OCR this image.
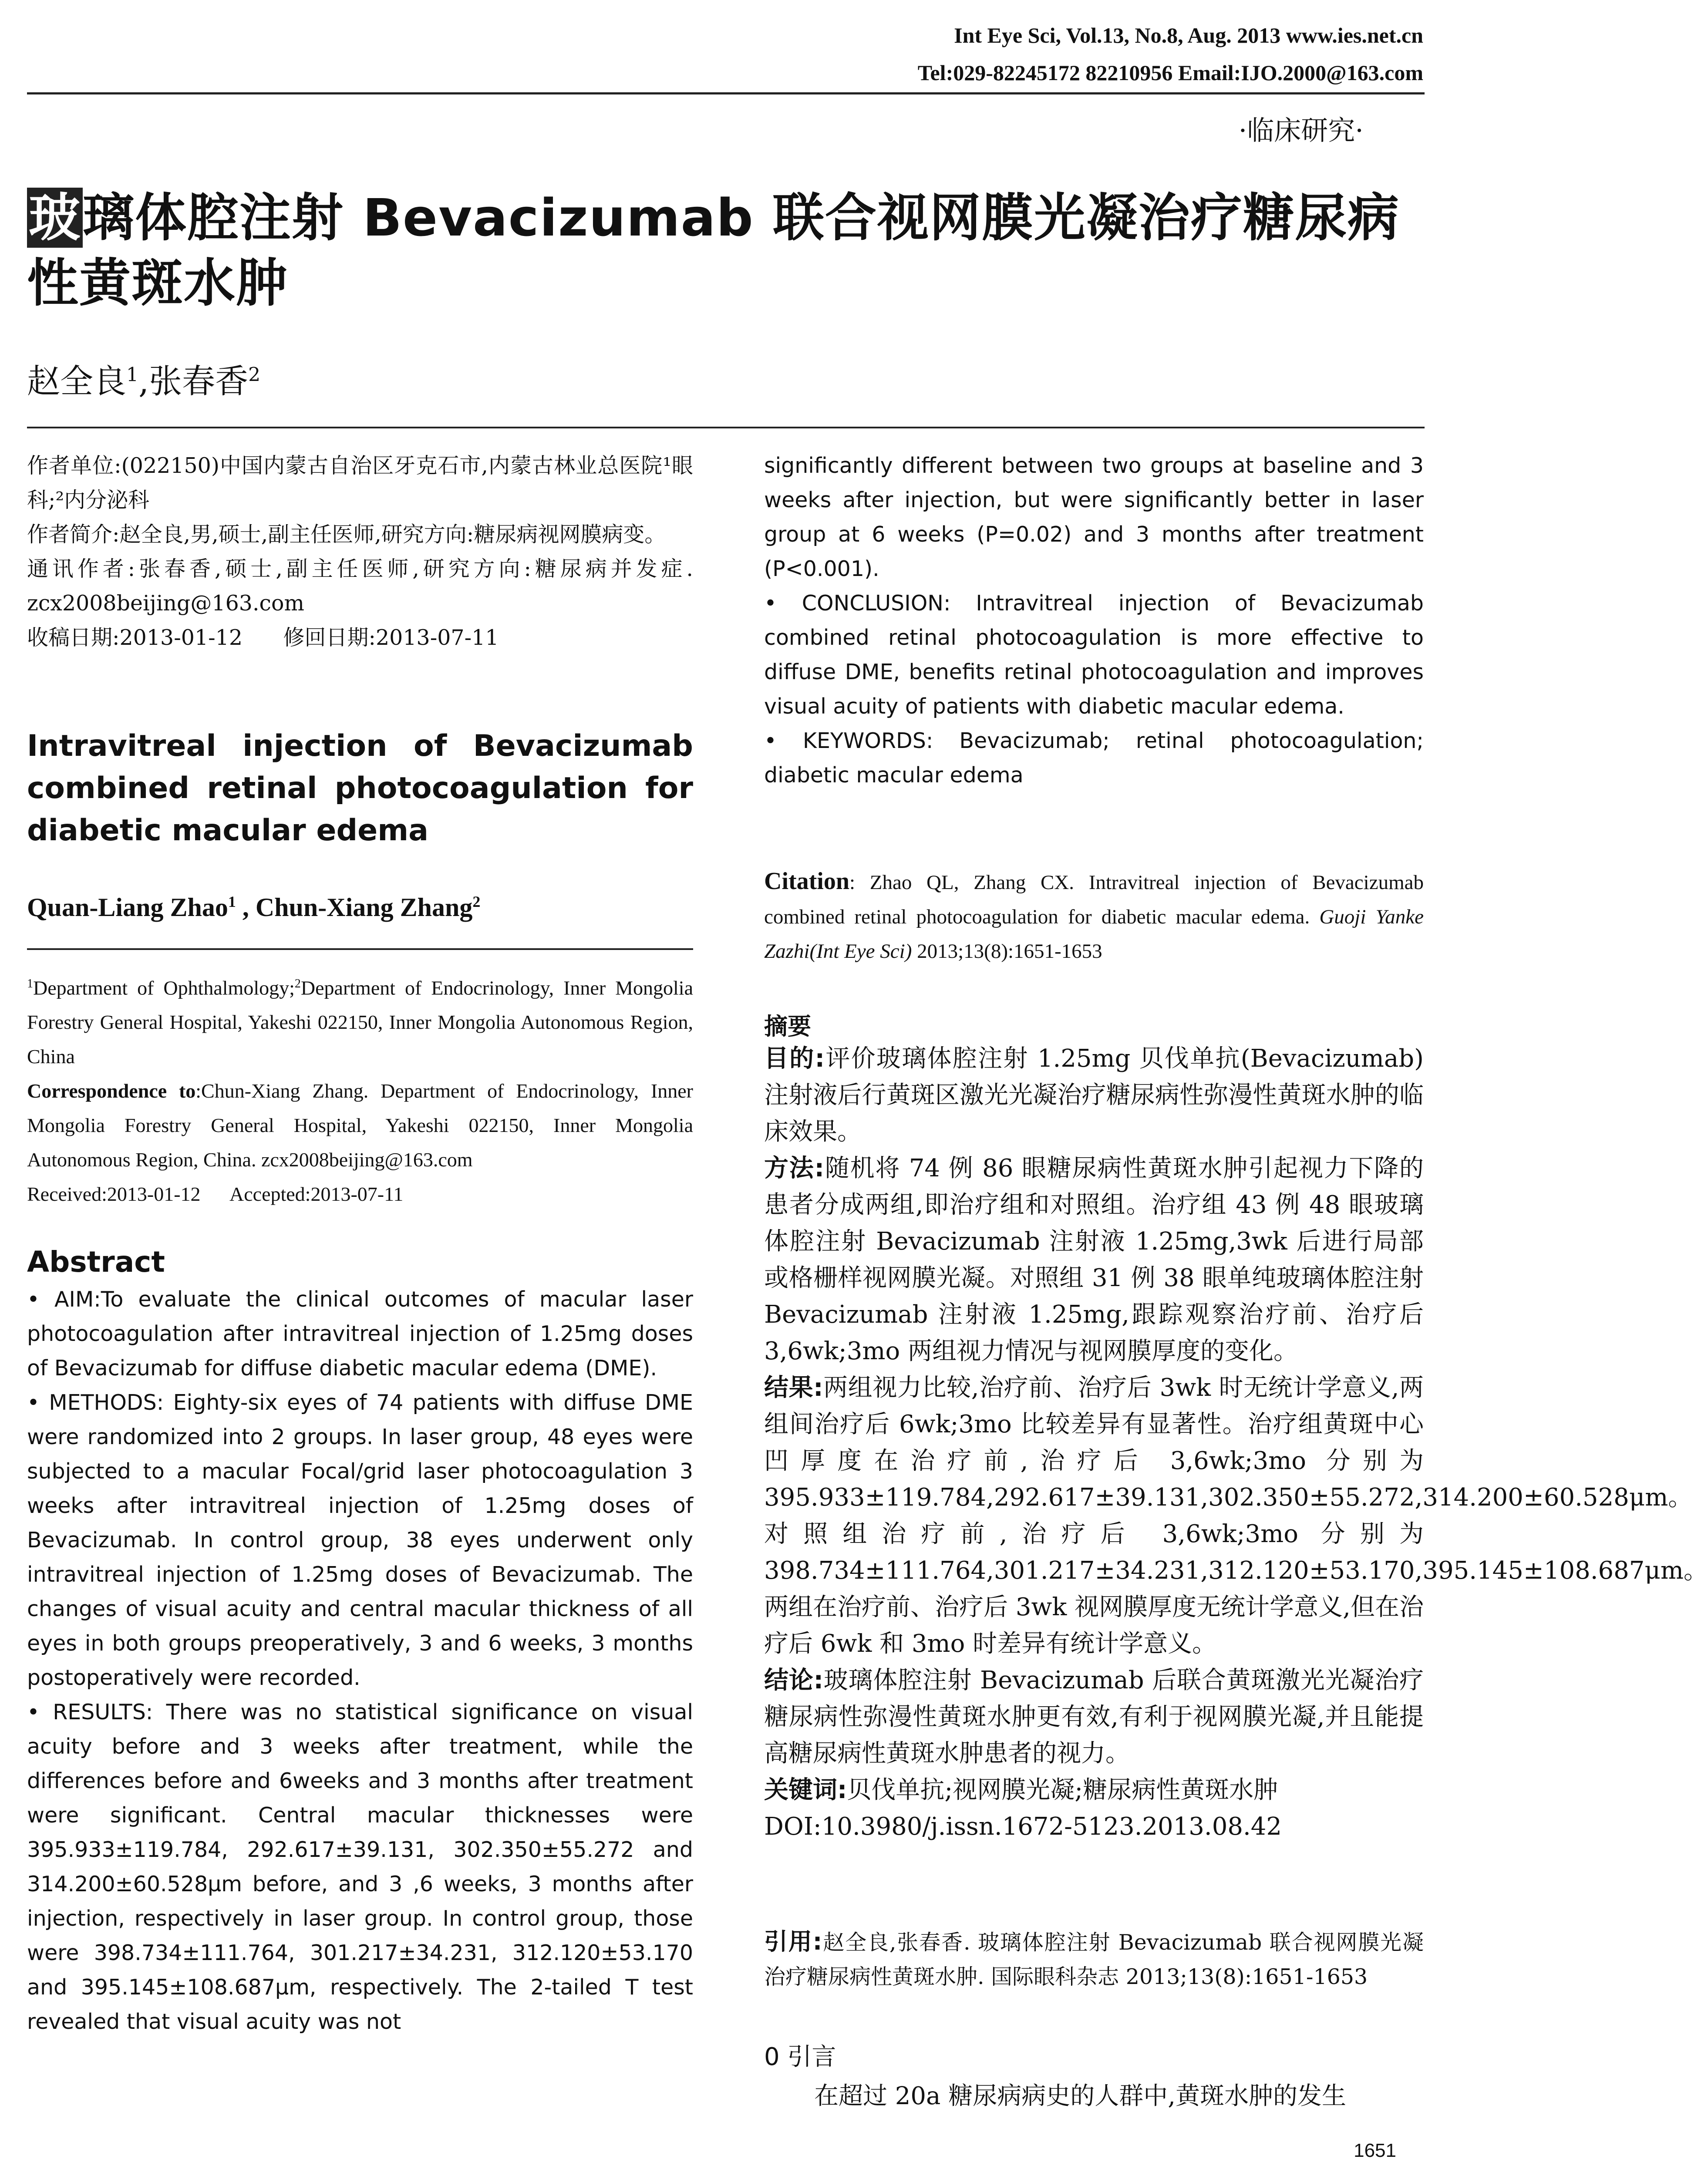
Int Eye Sci, Vol.13, No.8, Aug. 2013 www.ies.net.cn
Tel:029-82245172 82210956 Email:IJO.2000@163.com
·临床研究·
玻璃体腔注射 Bevacizumab 联合视网膜光凝治疗糖尿病
性黄斑水肿
赵全良$^1$,张春香$^2$

作者单位:(022150)中国内蒙古自治区牙克石市,内蒙古林业总医院¹眼科;²内分泌科

作者简介:赵全良,男,硕士,副主任医师,研究方向:糖尿病视网膜病变。

通讯作者:张春香,硕士,副主任医师,研究方向:糖尿病并发症. zcx2008beijing@163.com

收稿日期:2013-01-12      修回日期:2013-07-11

Intravitreal injection of Bevacizumab
combined retinal photocoagulation for
diabetic macular edema
Quan-Liang Zhao$^1$ , Chun-Xiang Zhang$^2$

$^1$Department of Ophthalmology;$^2$Department of Endocrinology, Inner Mongolia Forestry General Hospital, Yakeshi 022150, Inner Mongolia Autonomous Region, China

Correspondence to:Chun-Xiang Zhang. Department of Endocrinology, Inner Mongolia Forestry General Hospital, Yakeshi 022150, Inner Mongolia Autonomous Region, China. zcx2008beijing@163.com

Received:2013-01-12      Accepted:2013-07-11

Abstract

• AIM:To evaluate the clinical outcomes of macular laser photocoagulation after intravitreal injection of 1.25mg doses of Bevacizumab for diffuse diabetic macular edema (DME).

• METHODS: Eighty-six eyes of 74 patients with diffuse DME were randomized into 2 groups. In laser group, 48 eyes were subjected to a macular Focal/grid laser photocoagulation 3 weeks after intravitreal injection of 1.25mg doses of Bevacizumab. In control group, 38 eyes underwent only intravitreal injection of 1.25mg doses of Bevacizumab. The changes of visual acuity and central macular thickness of all eyes in both groups preoperatively, 3 and 6 weeks, 3 months postoperatively were recorded.

• RESULTS: There was no statistical significance on visual acuity before and 3 weeks after treatment, while the differences before and 6weeks and 3 months after treatment were significant. Central macular thicknesses were 395.933±119.784, 292.617±39.131, 302.350±55.272 and 314.200±60.528μm before, and 3 ,6 weeks, 3 months after injection, respectively in laser group. In control group, those were 398.734±111.764, 301.217±34.231, 312.120±53.170 and 395.145±108.687μm, respectively. The 2-tailed T test revealed that visual acuity was not

significantly different between two groups at baseline and 3 weeks after injection, but were significantly better in laser group at 6 weeks (P=0.02) and 3 months after treatment (P<0.001).

• CONCLUSION: Intravitreal injection of Bevacizumab combined retinal photocoagulation is more effective to diffuse DME, benefits retinal photocoagulation and improves visual acuity of patients with diabetic macular edema.

• KEYWORDS: Bevacizumab; retinal photocoagulation; diabetic macular edema

Citation: Zhao QL, Zhang CX. Intravitreal injection of Bevacizumab combined retinal photocoagulation for diabetic macular edema. Guoji Yanke Zazhi(Int Eye Sci) 2013;13(8):1651-1653
摘要

目的:评价玻璃体腔注射 1.25mg 贝伐单抗(Bevacizumab)注射液后行黄斑区激光光凝治疗糖尿病性弥漫性黄斑水肿的临床效果。

方法:随机将 74 例 86 眼糖尿病性黄斑水肿引起视力下降的患者分成两组,即治疗组和对照组。治疗组 43 例 48 眼玻璃体腔注射 Bevacizumab 注射液 1.25mg,3wk 后进行局部或格栅样视网膜光凝。对照组 31 例 38 眼单纯玻璃体腔注射 Bevacizumab 注射液 1.25mg,跟踪观察治疗前、治疗后 3,6wk;3mo 两组视力情况与视网膜厚度的变化。

结果:两组视力比较,治疗前、治疗后 3wk 时无统计学意义,两组间治疗后 6wk;3mo 比较差异有显著性。治疗组黄斑中心凹厚度在治疗前,治疗后 3,6wk;3mo 分别为 395.933±119.784,292.617±39.131,302.350±55.272,314.200±60.528μm。对照组治疗前,治疗后 3,6wk;3mo 分别为 398.734±111.764,301.217±34.231,312.120±53.170,395.145±108.687μm。两组在治疗前、治疗后 3wk 视网膜厚度无统计学意义,但在治疗后 6wk 和 3mo 时差异有统计学意义。

结论:玻璃体腔注射 Bevacizumab 后联合黄斑激光光凝治疗糖尿病性弥漫性黄斑水肿更有效,有利于视网膜光凝,并且能提高糖尿病性黄斑水肿患者的视力。

关键词:贝伐单抗;视网膜光凝;糖尿病性黄斑水肿

DOI:10.3980/j.issn.1672-5123.2013.08.42

引用:赵全良,张春香. 玻璃体腔注射 Bevacizumab 联合视网膜光凝治疗糖尿病性黄斑水肿. 国际眼科杂志 2013;13(8):1651-1653
0 引言
在超过 20a 糖尿病病史的人群中,黄斑水肿的发生
1651
